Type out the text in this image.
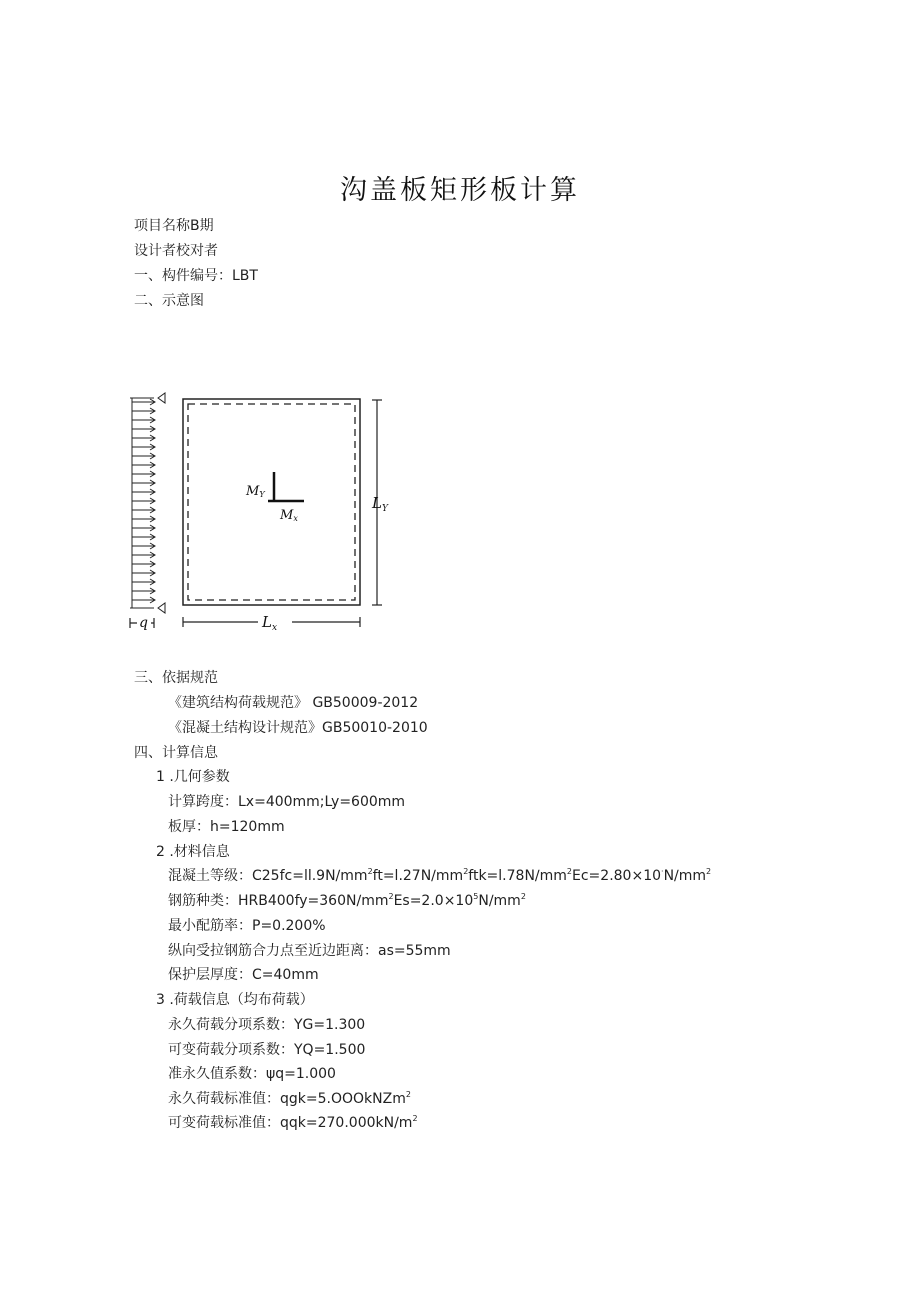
沟盖板矩形板计算
项目名称B期
设计者校对者
一、构件编号：LBT
二、示意图
MY
Mx
$L_Y$
$L_x$
q
三、依据规范
《建筑结构荷载规范》 GB50009-2012
《混凝土结构设计规范》GB50010-2010
四、计算信息
1 .几何参数
计算跨度：Lx=400mm;Ly=600mm
板厚：h=120mm
2 .材料信息
混凝土等级：$C25fc=ll.9N∕mm^2ft=l.27N∕mm^2ftk=l.78N∕mm^2Ec=2.80\times 10^\cdot N∕mm^2$
钢筋种类：$HRB400fy=360N∕mm^2Es=2.0\times 10^5N∕mm^2$
最小配筋率：P=0.200%
纵向受拉钢筋合力点至近边距离：as=55mm
保护层厚度：C=40mm
3 .荷载信息（均布荷载）
永久荷载分项系数：YG=1.300
可变荷载分项系数：YQ=1.500
准永久值系数：ψq=1.000
永久荷载标准值：qgk=5.OOOkNZm$^2$
可变荷载标准值：$qqk=270.000kN∕m^2$
